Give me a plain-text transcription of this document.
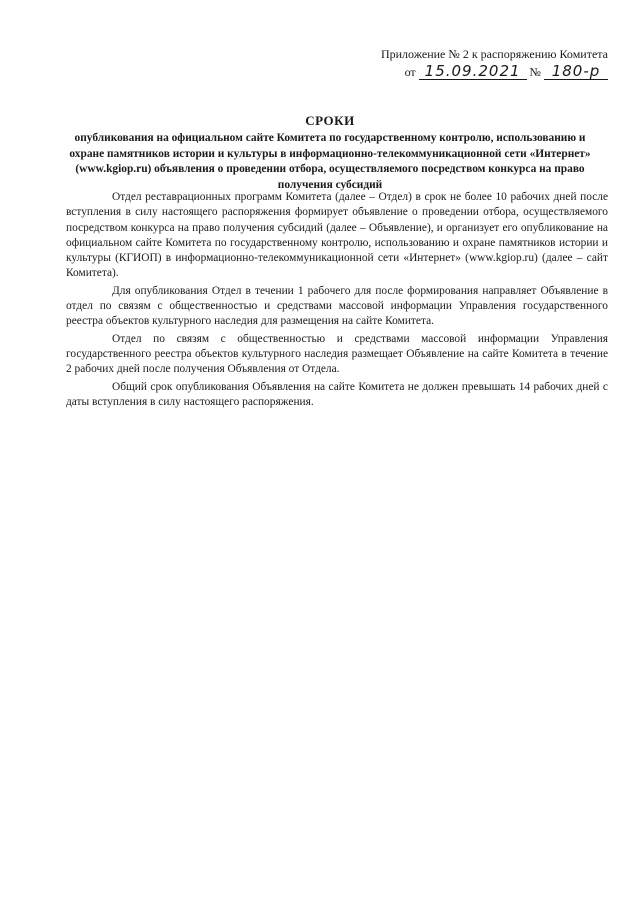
Приложение № 2 к распоряжению Комитета
от 15.09.2021 № 180-р
СРОКИ
опубликования на официальном сайте Комитета по государственному контролю, использованию и охране памятников истории и культуры в информационно-телекоммуникационной сети «Интернет» (www.kgiop.ru) объявления о проведении отбора, осуществляемого посредством конкурса на право получения субсидий

Отдел реставрационных программ Комитета (далее – Отдел) в срок не более 10 рабочих дней после вступления в силу настоящего распоряжения формирует объявление о проведении отбора, осуществляемого посредством конкурса на право получения субсидий (далее – Объявление), и организует его опубликование на официальном сайте Комитета по государственному контролю, использованию и охране памятников истории и культуры (КГИОП) в информационно-телекоммуникационной сети «Интернет» (www.kgiop.ru) (далее – сайт Комитета).

Для опубликования Отдел в течении 1 рабочего для после формирования направляет Объявление в отдел по связям с общественностью и средствами массовой информации Управления государственного реестра объектов культурного наследия для размещения на сайте Комитета.

Отдел по связям с общественностью и средствами массовой информации Управления государственного реестра объектов культурного наследия размещает Объявление на сайте Комитета в течение 2 рабочих дней после получения Объявления от Отдела.

Общий срок опубликования Объявления на сайте Комитета не должен превышать 14 рабочих дней с даты вступления в силу настоящего распоряжения.
